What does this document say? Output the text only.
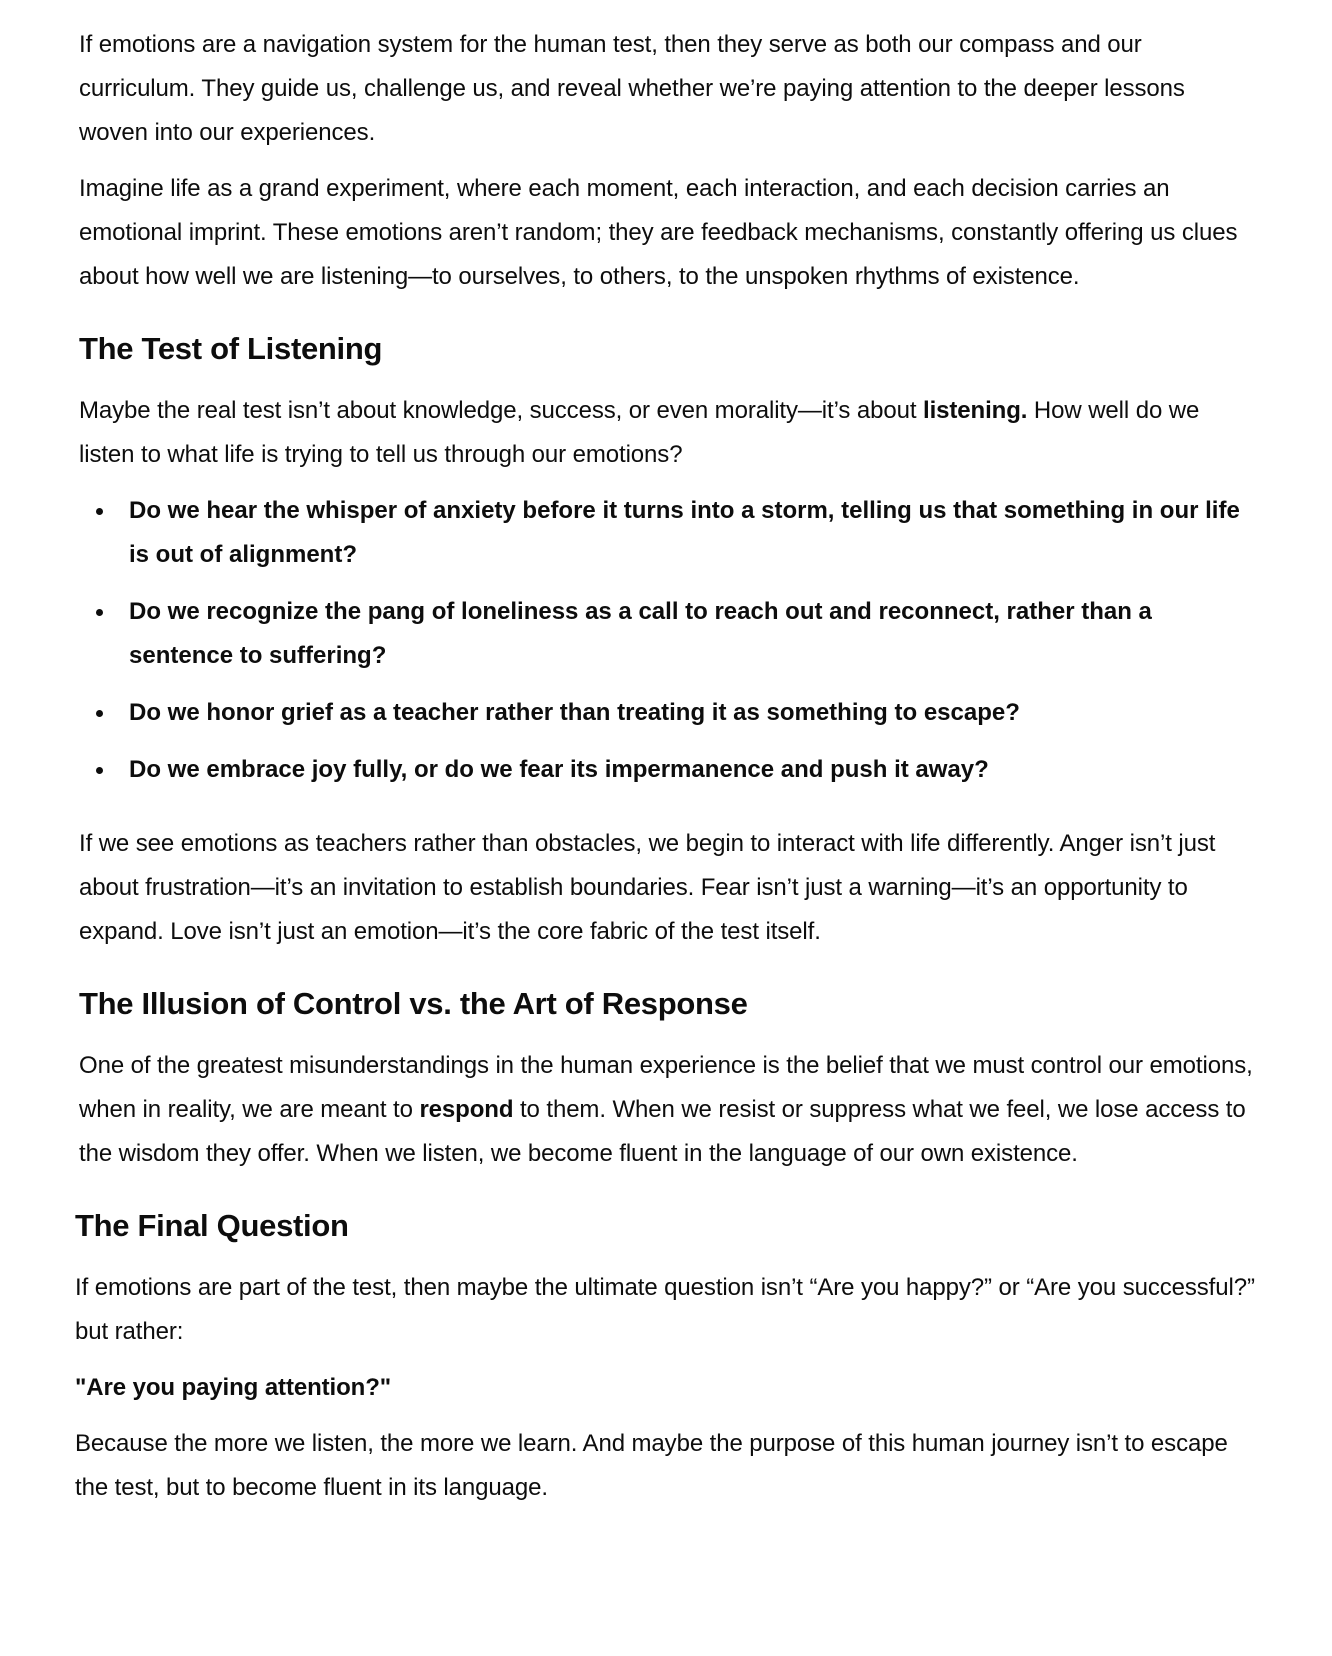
If emotions are a navigation system for the human test, then they serve as both our compass and our curriculum. They guide us, challenge us, and reveal whether we’re paying attention to the deeper lessons woven into our experiences.

Imagine life as a grand experiment, where each moment, each interaction, and each decision carries an emotional imprint. These emotions aren’t random; they are feedback mechanisms, constantly offering us clues about how well we are listening—to ourselves, to others, to the unspoken rhythms of existence.

The Test of Listening

Maybe the real test isn’t about knowledge, success, or even morality—it’s about listening. How well do we listen to what life is trying to tell us through our emotions?

Do we hear the whisper of anxiety before it turns into a storm, telling us that something in our life is out of alignment?
Do we recognize the pang of loneliness as a call to reach out and reconnect, rather than a sentence to suffering?
Do we honor grief as a teacher rather than treating it as something to escape?
Do we embrace joy fully, or do we fear its impermanence and push it away?

If we see emotions as teachers rather than obstacles, we begin to interact with life differently. Anger isn’t just about frustration—it’s an invitation to establish boundaries. Fear isn’t just a warning—it’s an opportunity to expand. Love isn’t just an emotion—it’s the core fabric of the test itself.

The Illusion of Control vs. the Art of Response

One of the greatest misunderstandings in the human experience is the belief that we must control our emotions, when in reality, we are meant to respond to them. When we resist or suppress what we feel, we lose access to the wisdom they offer. When we listen, we become fluent in the language of our own existence.

The Final Question

If emotions are part of the test, then maybe the ultimate question isn’t “Are you happy?” or “Are you successful?” but rather:

"Are you paying attention?"

Because the more we listen, the more we learn. And maybe the purpose of this human journey isn’t to escape the test, but to become fluent in its language.
